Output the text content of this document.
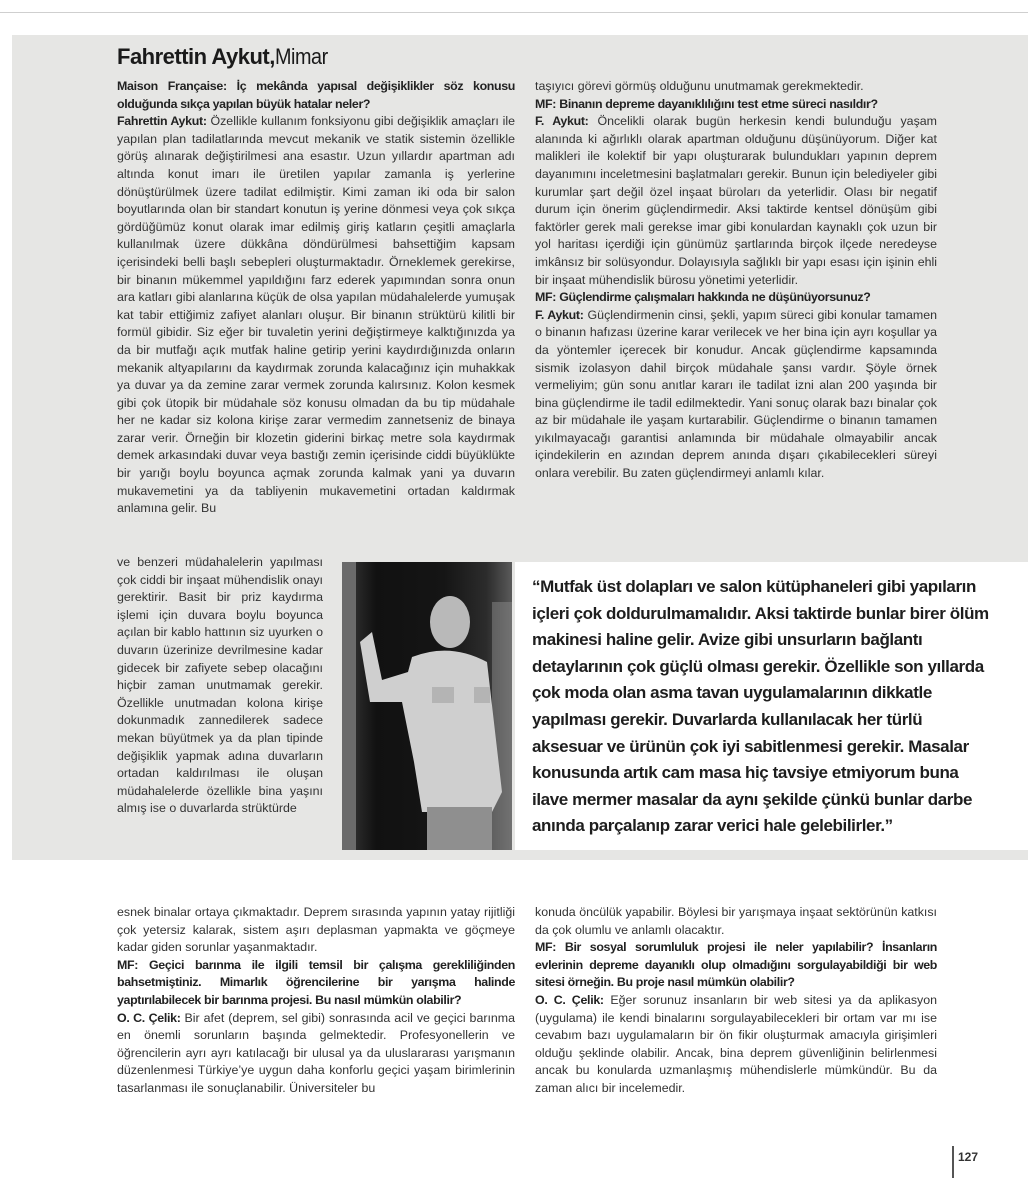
Fahrettin Aykut,Mimar

Maison Française: İç mekânda yapısal değişiklikler söz konusu olduğunda sıkça yapılan büyük hatalar neler?

Fahrettin Aykut: Özellikle kullanım fonksiyonu gibi değişiklik amaçları ile yapılan plan tadilatlarında mevcut mekanik ve statik sistemin özellikle görüş alınarak değiştirilmesi ana esastır. Uzun yıllardır apartman adı altında konut imarı ile üretilen yapılar zamanla iş yerlerine dönüştürülmek üzere tadilat edilmiştir. Kimi zaman iki oda bir salon boyutlarında olan bir standart konutun iş yerine dönmesi veya çok sıkça gördüğümüz konut olarak imar edilmiş giriş katların çeşitli amaçlarla kullanılmak üzere dükkâna döndürülmesi bahsettiğim kapsam içerisindeki belli başlı sebepleri oluşturmaktadır. Örneklemek gerekirse, bir binanın mükemmel yapıldığını farz ederek yapımından sonra onun ara katları gibi alanlarına küçük de olsa yapılan müdahalelerde yumuşak kat tabir ettiğimiz zafiyet alanları oluşur. Bir binanın strüktürü kilitli bir formül gibidir. Siz eğer bir tuvaletin yerini değiştirmeye kalktığınızda ya da bir mutfağı açık mutfak haline getirip yerini kaydırdığınızda onların mekanik altyapılarını da kaydırmak zorunda kalacağınız için muhakkak ya duvar ya da zemine zarar vermek zorunda kalırsınız. Kolon kesmek gibi çok ütopik bir müdahale söz konusu olmadan da bu tip müdahale her ne kadar siz kolona kirişe zarar vermedim zannetseniz de binaya zarar verir. Örneğin bir klozetin giderini birkaç metre sola kaydırmak demek arkasındaki duvar veya bastığı zemin içerisinde ciddi büyüklükte bir yarığı boylu boyunca açmak zorunda kalmak yani ya duvarın mukavemetini ya da tabliyenin mukavemetini ortadan kaldırmak anlamına gelir. Bu

ve benzeri müdahalelerin yapılması çok ciddi bir inşaat mühendislik onayı gerektirir. Basit bir priz kaydırma işlemi için duvara boylu boyunca açılan bir kablo hattının siz uyurken o duvarın üzerinize devrilmesine kadar gidecek bir zafiyete sebep olacağını hiçbir zaman unutmamak gerekir. Özellikle unutmadan kolona kirişe dokunmadık zannedilerek sadece mekan büyütmek ya da plan tipinde değişiklik yapmak adına duvarların ortadan kaldırılması ile oluşan müdahalelerde özellikle bina yaşını almış ise o duvarlarda strüktürde

taşıyıcı görevi görmüş olduğunu unutmamak gerekmektedir.

MF: Binanın depreme dayanıklılığını test etme süreci nasıldır?

F. Aykut: Öncelikli olarak bugün herkesin kendi bulunduğu yaşam alanında ki ağırlıklı olarak apartman olduğunu düşünüyorum. Diğer kat malikleri ile kolektif bir yapı oluşturarak bulundukları yapının deprem dayanımını inceletmesini başlatmaları gerekir. Bunun için belediyeler gibi kurumlar şart değil özel inşaat büroları da yeterlidir. Olası bir negatif durum için önerim güçlendirmedir. Aksi taktirde kentsel dönüşüm gibi faktörler gerek mali gerekse imar gibi konulardan kaynaklı çok uzun bir yol haritası içerdiği için günümüz şartlarında birçok ilçede neredeyse imkânsız bir solüsyondur. Dolayısıyla sağlıklı bir yapı esası için işinin ehli bir inşaat mühendislik bürosu yönetimi yeterlidir.

MF: Güçlendirme çalışmaları hakkında ne düşünüyorsunuz?

F. Aykut: Güçlendirmenin cinsi, şekli, yapım süreci gibi konular tamamen o binanın hafızası üzerine karar verilecek ve her bina için ayrı koşullar ya da yöntemler içerecek bir konudur. Ancak güçlendirme kapsamında sismik izolasyon dahil birçok müdahale şansı vardır. Şöyle örnek vermeliyim; gün sonu anıtlar kararı ile tadilat izni alan 200 yaşında bir bina güçlendirme ile tadil edilmektedir. Yani sonuç olarak bazı binalar çok az bir müdahale ile yaşam kurtarabilir. Güçlendirme o binanın tamamen yıkılmayacağı garantisi anlamında bir müdahale olmayabilir ancak içindekilerin en azından deprem anında dışarı çıkabilecekleri süreyi onlara verebilir. Bu zaten güçlendirmeyi anlamlı kılar.

“Mutfak üst dolapları ve salon kütüphaneleri gibi yapıların içleri çok doldurulmamalıdır. Aksi taktirde bunlar birer ölüm makinesi haline gelir. Avize gibi unsurların bağlantı detaylarının çok güçlü olması gerekir. Özellikle son yıllarda çok moda olan asma tavan uygulamalarının dikkatle yapılması gerekir. Duvarlarda kullanılacak her türlü aksesuar ve ürünün çok iyi sabitlenmesi gerekir. Masalar konusunda artık cam masa hiç tavsiye etmiyorum buna ilave mermer masalar da aynı şekilde çünkü bunlar darbe anında parçalanıp zarar verici hale gelebilirler.”

esnek binalar ortaya çıkmaktadır. Deprem sırasında yapının yatay rijitliği çok yetersiz kalarak, sistem aşırı deplasman yapmakta ve göçmeye kadar giden sorunlar yaşanmaktadır.

MF: Geçici barınma ile ilgili temsil bir çalışma gerekliliğinden bahsetmiştiniz. Mimarlık öğrencilerine bir yarışma halinde yaptırılabilecek bir barınma projesi. Bu nasıl mümkün olabilir?

O. C. Çelik: Bir afet (deprem, sel gibi) sonrasında acil ve geçici barınma en önemli sorunların başında gelmektedir. Profesyonellerin ve öğrencilerin ayrı ayrı katılacağı bir ulusal ya da uluslararası yarışmanın düzenlenmesi Türkiye’ye uygun daha konforlu geçici yaşam birimlerinin tasarlanması ile sonuçlanabilir. Üniversiteler bu

konuda öncülük yapabilir. Böylesi bir yarışmaya inşaat sektörünün katkısı da çok olumlu ve anlamlı olacaktır.

MF: Bir sosyal sorumluluk projesi ile neler yapılabilir? İnsanların evlerinin depreme dayanıklı olup olmadığını sorgulayabildiği bir web sitesi örneğin. Bu proje nasıl mümkün olabilir?

O. C. Çelik: Eğer sorunuz insanların bir web sitesi ya da aplikasyon (uygulama) ile kendi binalarını sorgulayabilecekleri bir ortam var mı ise cevabım bazı uygulamaların bir ön fikir oluşturmak amacıyla girişimleri olduğu şeklinde olabilir. Ancak, bina deprem güvenliğinin belirlenmesi ancak bu konularda uzmanlaşmış mühendislerle mümkündür. Bu da zaman alıcı bir incelemedir.

127
